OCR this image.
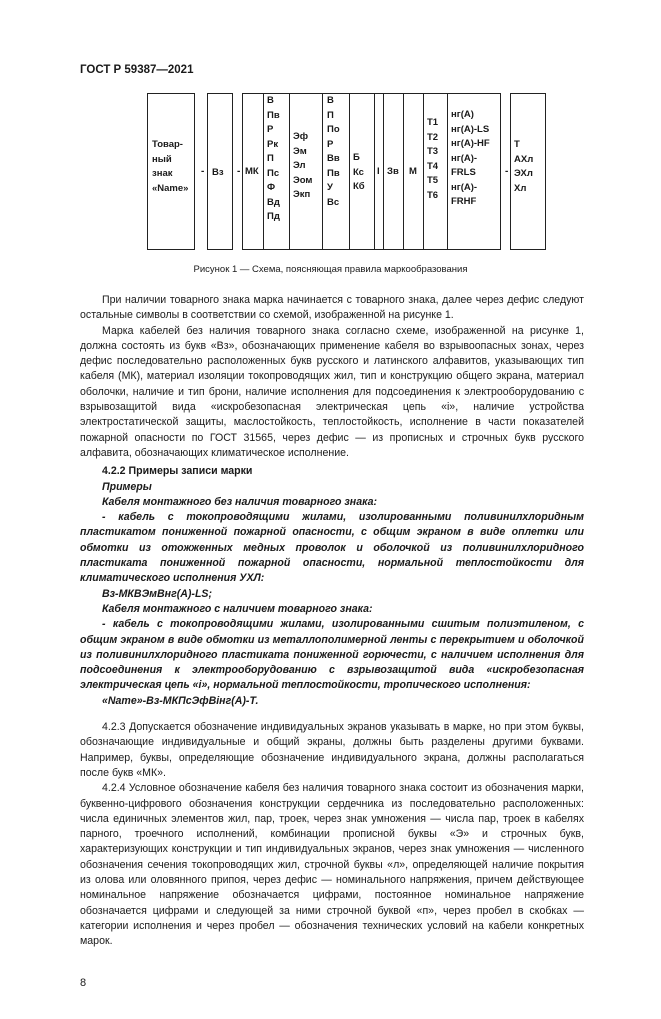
ГОСТ Р 59387—2021
Товар-
ный
знак
«Name»
- Вз - МК
В
Пв
Р
Рк
П
Пс
Ф
Вд
Пд
Эф
Эм
Эл
Эом
Экп
В
П
По
Р
Вв
Пв
У
Вс
Б
Кс
Кб
I Зв М
Т1
Т2
Т3
Т4
Т5
Т6
нг(А)
нг(А)-LS
нг(А)-HF
нг(А)-
FRLS
нг(А)-
FRHF
-
Т
АХл
ЭХл
Хл
Рисунок 1 — Схема, поясняющая правила маркообразования

При наличии товарного знака марка начинается с товарного знака, далее через дефис следуют остальные символы в соответствии со схемой, изображенной на рисунке 1.

Марка кабелей без наличия товарного знака согласно схеме, изображенной на рисунке 1, должна состоять из букв «Вз», обозначающих применение кабеля во взрывоопасных зонах, через дефис последовательно расположенных букв русского и латинского алфавитов, указывающих тип кабеля (МК), материал изоляции токопроводящих жил, тип и конструкцию общего экрана, материал оболочки, наличие и тип брони, наличие исполнения для подсоединения к электрооборудованию с взрывозащитой вида «искробезопасная электрическая цепь «i», наличие устройства электростатической защиты, маслостойкость, теплостойкость, исполнение в части показателей пожарной опасности по ГОСТ 31565, через дефис — из прописных и строчных букв русского алфавита, обозначающих климатическое исполнение.

4.2.2 Примеры записи марки

Примеры

Кабеля монтажного без наличия товарного знака:

- кабель с токопроводящими жилами, изолированными поливинилхлоридным пластикатом пониженной пожарной опасности, с общим экраном в виде оплетки или обмотки из отожженных медных проволок и оболочкой из поливинилхлоридного пластиката пониженной пожарной опасности, нормальной теплостойкости для климатического исполнения УХЛ:

Вз-МКВЭмВнг(А)-LS;

Кабеля монтажного с наличием товарного знака:

- кабель с токопроводящими жилами, изолированными сшитым полиэтиленом, с общим экраном в виде обмотки из металлополимерной ленты с перекрытием и оболочкой из поливинилхлоридного пластиката пониженной горючести, с наличием исполнения для подсоединения к электрооборудованию с взрывозащитой вида «искробезопасная электрическая цепь «i», нормальной теплостойкости, тропического исполнения:

«Name»-Вз-МКПсЭфВiнг(А)-Т.

4.2.3 Допускается обозначение индивидуальных экранов указывать в марке, но при этом буквы, обозначающие индивидуальные и общий экраны, должны быть разделены другими буквами. Например, буквы, определяющие обозначение индивидуального экрана, должны располагаться после букв «МК».

4.2.4 Условное обозначение кабеля без наличия товарного знака состоит из обозначения марки, буквенно-цифрового обозначения конструкции сердечника из последовательно расположенных: числа единичных элементов жил, пар, троек, через знак умножения — числа пар, троек в кабелях парного, троечного исполнений, комбинации прописной буквы «Э» и строчных букв, характеризующих конструкции и тип индивидуальных экранов, через знак умножения — численного обозначения сечения токопроводящих жил, строчной буквы «л», определяющей наличие покрытия из олова или оловянного припоя, через дефис — номинального напряжения, причем действующее номинальное напряжение обозначается цифрами, постоянное номинальное напряжение обозначается цифрами и следующей за ними строчной буквой «п», через пробел в скобках — категории исполнения и через пробел — обозначения технических условий на кабели конкретных марок.

8
